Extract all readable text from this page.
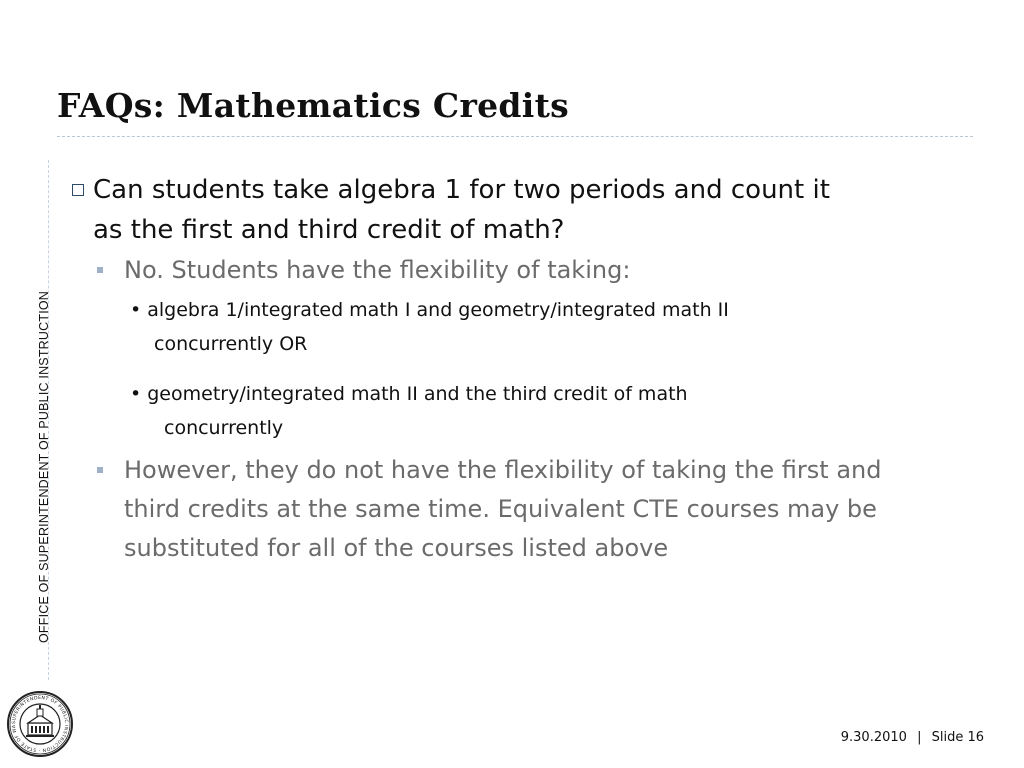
FAQs: Mathematics Credits
OFFICE OF SUPERINTENDENT OF PUBLIC INSTRUCTION
SUPERINTENDENT OF PUBLIC INSTRUCTION · STATE OF WA
Can students take algebra 1 for two periods and count it
as the first and third credit of math?
No. Students have the flexibility of taking:
• algebra 1/integrated math I and geometry/integrated math II
concurrently OR
• geometry/integrated math II and the third credit of math
concurrently
However, they do not have the flexibility of taking the first and
third credits at the same time. Equivalent CTE courses may be
substituted for all of the courses listed above
9.30.2010 | Slide 16
